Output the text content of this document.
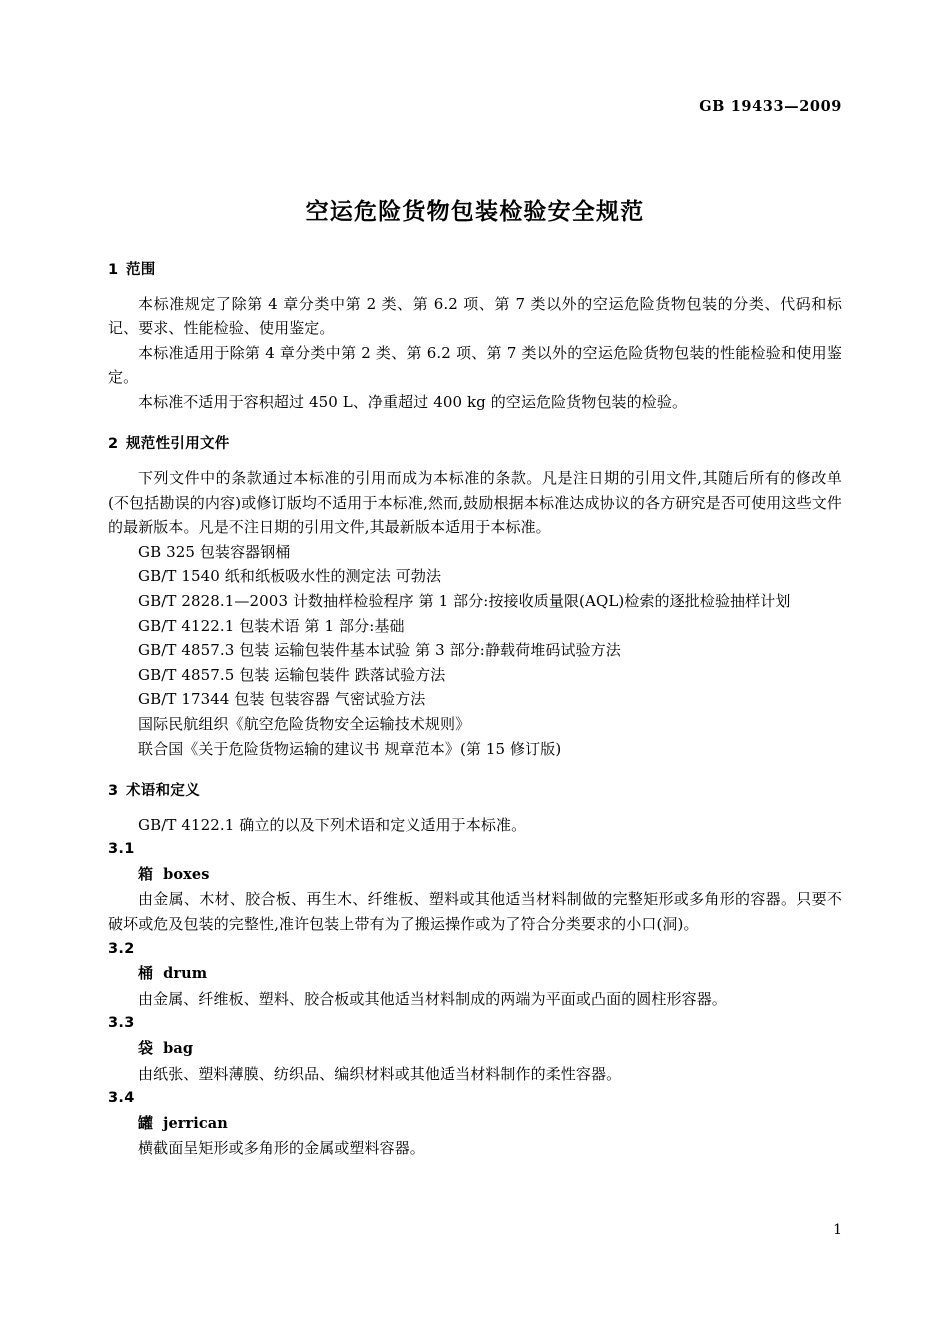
GB 19433—2009
空运危险货物包装检验安全规范
1 范围

本标准规定了除第 4 章分类中第 2 类、第 6.2 项、第 7 类以外的空运危险货物包装的分类、代码和标记、要求、性能检验、使用鉴定。

本标准适用于除第 4 章分类中第 2 类、第 6.2 项、第 7 类以外的空运危险货物包装的性能检验和使用鉴定。

本标准不适用于容积超过 450 L、净重超过 400 kg 的空运危险货物包装的检验。

2 规范性引用文件

下列文件中的条款通过本标准的引用而成为本标准的条款。凡是注日期的引用文件,其随后所有的修改单(不包括勘误的内容)或修订版均不适用于本标准,然而,鼓励根据本标准达成协议的各方研究是否可使用这些文件的最新版本。凡是不注日期的引用文件,其最新版本适用于本标准。

GB 325 包装容器钢桶

GB/T 1540 纸和纸板吸水性的测定法 可勃法

GB/T 2828.1—2003 计数抽样检验程序 第 1 部分:按接收质量限(AQL)检索的逐批检验抽样计划

GB/T 4122.1 包装术语 第 1 部分:基础

GB/T 4857.3 包装 运输包装件基本试验 第 3 部分:静载荷堆码试验方法

GB/T 4857.5 包装 运输包装件 跌落试验方法

GB/T 17344 包装 包装容器 气密试验方法

国际民航组织《航空危险货物安全运输技术规则》

联合国《关于危险货物运输的建议书 规章范本》(第 15 修订版)

3 术语和定义

GB/T 4122.1 确立的以及下列术语和定义适用于本标准。

3.1

箱 boxes

由金属、木材、胶合板、再生木、纤维板、塑料或其他适当材料制做的完整矩形或多角形的容器。只要不破坏或危及包装的完整性,准许包装上带有为了搬运操作或为了符合分类要求的小口(洞)。

3.2

桶 drum

由金属、纤维板、塑料、胶合板或其他适当材料制成的两端为平面或凸面的圆柱形容器。

3.3

袋 bag

由纸张、塑料薄膜、纺织品、编织材料或其他适当材料制作的柔性容器。

3.4

罐 jerrican

横截面呈矩形或多角形的金属或塑料容器。

1
